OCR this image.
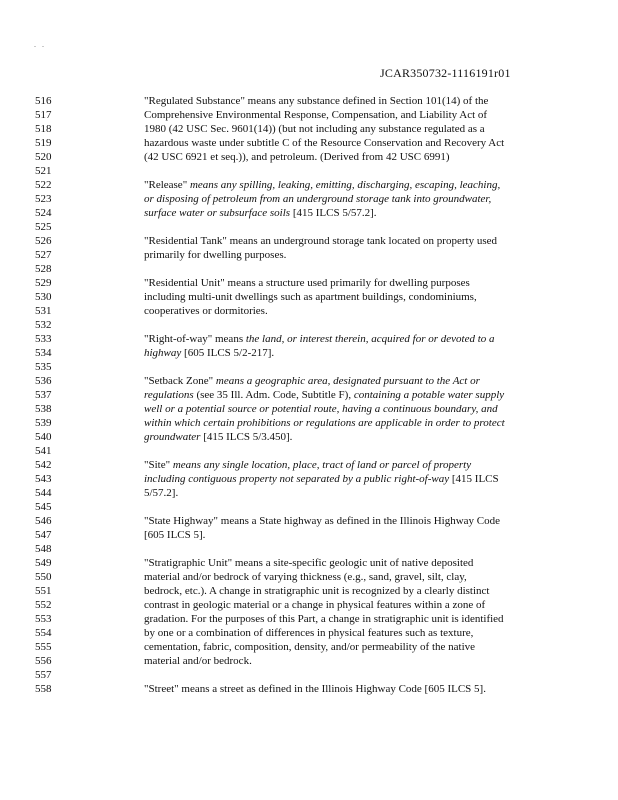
. .
JCAR350732-1116191r01
516	"Regulated Substance" means any substance defined in Section 101(14) of the
517	Comprehensive Environmental Response, Compensation, and Liability Act of
518	1980 (42 USC Sec. 9601(14)) (but not including any substance regulated as a
519	hazardous waste under subtitle C of the Resource Conservation and Recovery Act
520	(42 USC 6921 et seq.)), and petroleum. (Derived from 42 USC 6991)
521
522	"Release" means any spilling, leaking, emitting, discharging, escaping, leaching,
523	or disposing of petroleum from an underground storage tank into groundwater,
524	surface water or subsurface soils [415 ILCS 5/57.2].
525
526	"Residential Tank" means an underground storage tank located on property used
527	primarily for dwelling purposes.
528
529	"Residential Unit" means a structure used primarily for dwelling purposes
530	including multi-unit dwellings such as apartment buildings, condominiums,
531	cooperatives or dormitories.
532
533	"Right-of-way" means the land, or interest therein, acquired for or devoted to a
534	highway [605 ILCS 5/2-217].
535
536	"Setback Zone" means a geographic area, designated pursuant to the Act or
537	regulations (see 35 Ill. Adm. Code, Subtitle F), containing a potable water supply
538	well or a potential source or potential route, having a continuous boundary, and
539	within which certain prohibitions or regulations are applicable in order to protect
540	groundwater [415 ILCS 5/3.450].
541
542	"Site" means any single location, place, tract of land or parcel of property
543	including contiguous property not separated by a public right-of-way [415 ILCS
544	5/57.2].
545
546	"State Highway" means a State highway as defined in the Illinois Highway Code
547	[605 ILCS 5].
548
549	"Stratigraphic Unit" means a site-specific geologic unit of native deposited
550	material and/or bedrock of varying thickness (e.g., sand, gravel, silt, clay,
551	bedrock, etc.). A change in stratigraphic unit is recognized by a clearly distinct
552	contrast in geologic material or a change in physical features within a zone of
553	gradation. For the purposes of this Part, a change in stratigraphic unit is identified
554	by one or a combination of differences in physical features such as texture,
555	cementation, fabric, composition, density, and/or permeability of the native
556	material and/or bedrock.
557
558	"Street" means a street as defined in the Illinois Highway Code [605 ILCS 5].
